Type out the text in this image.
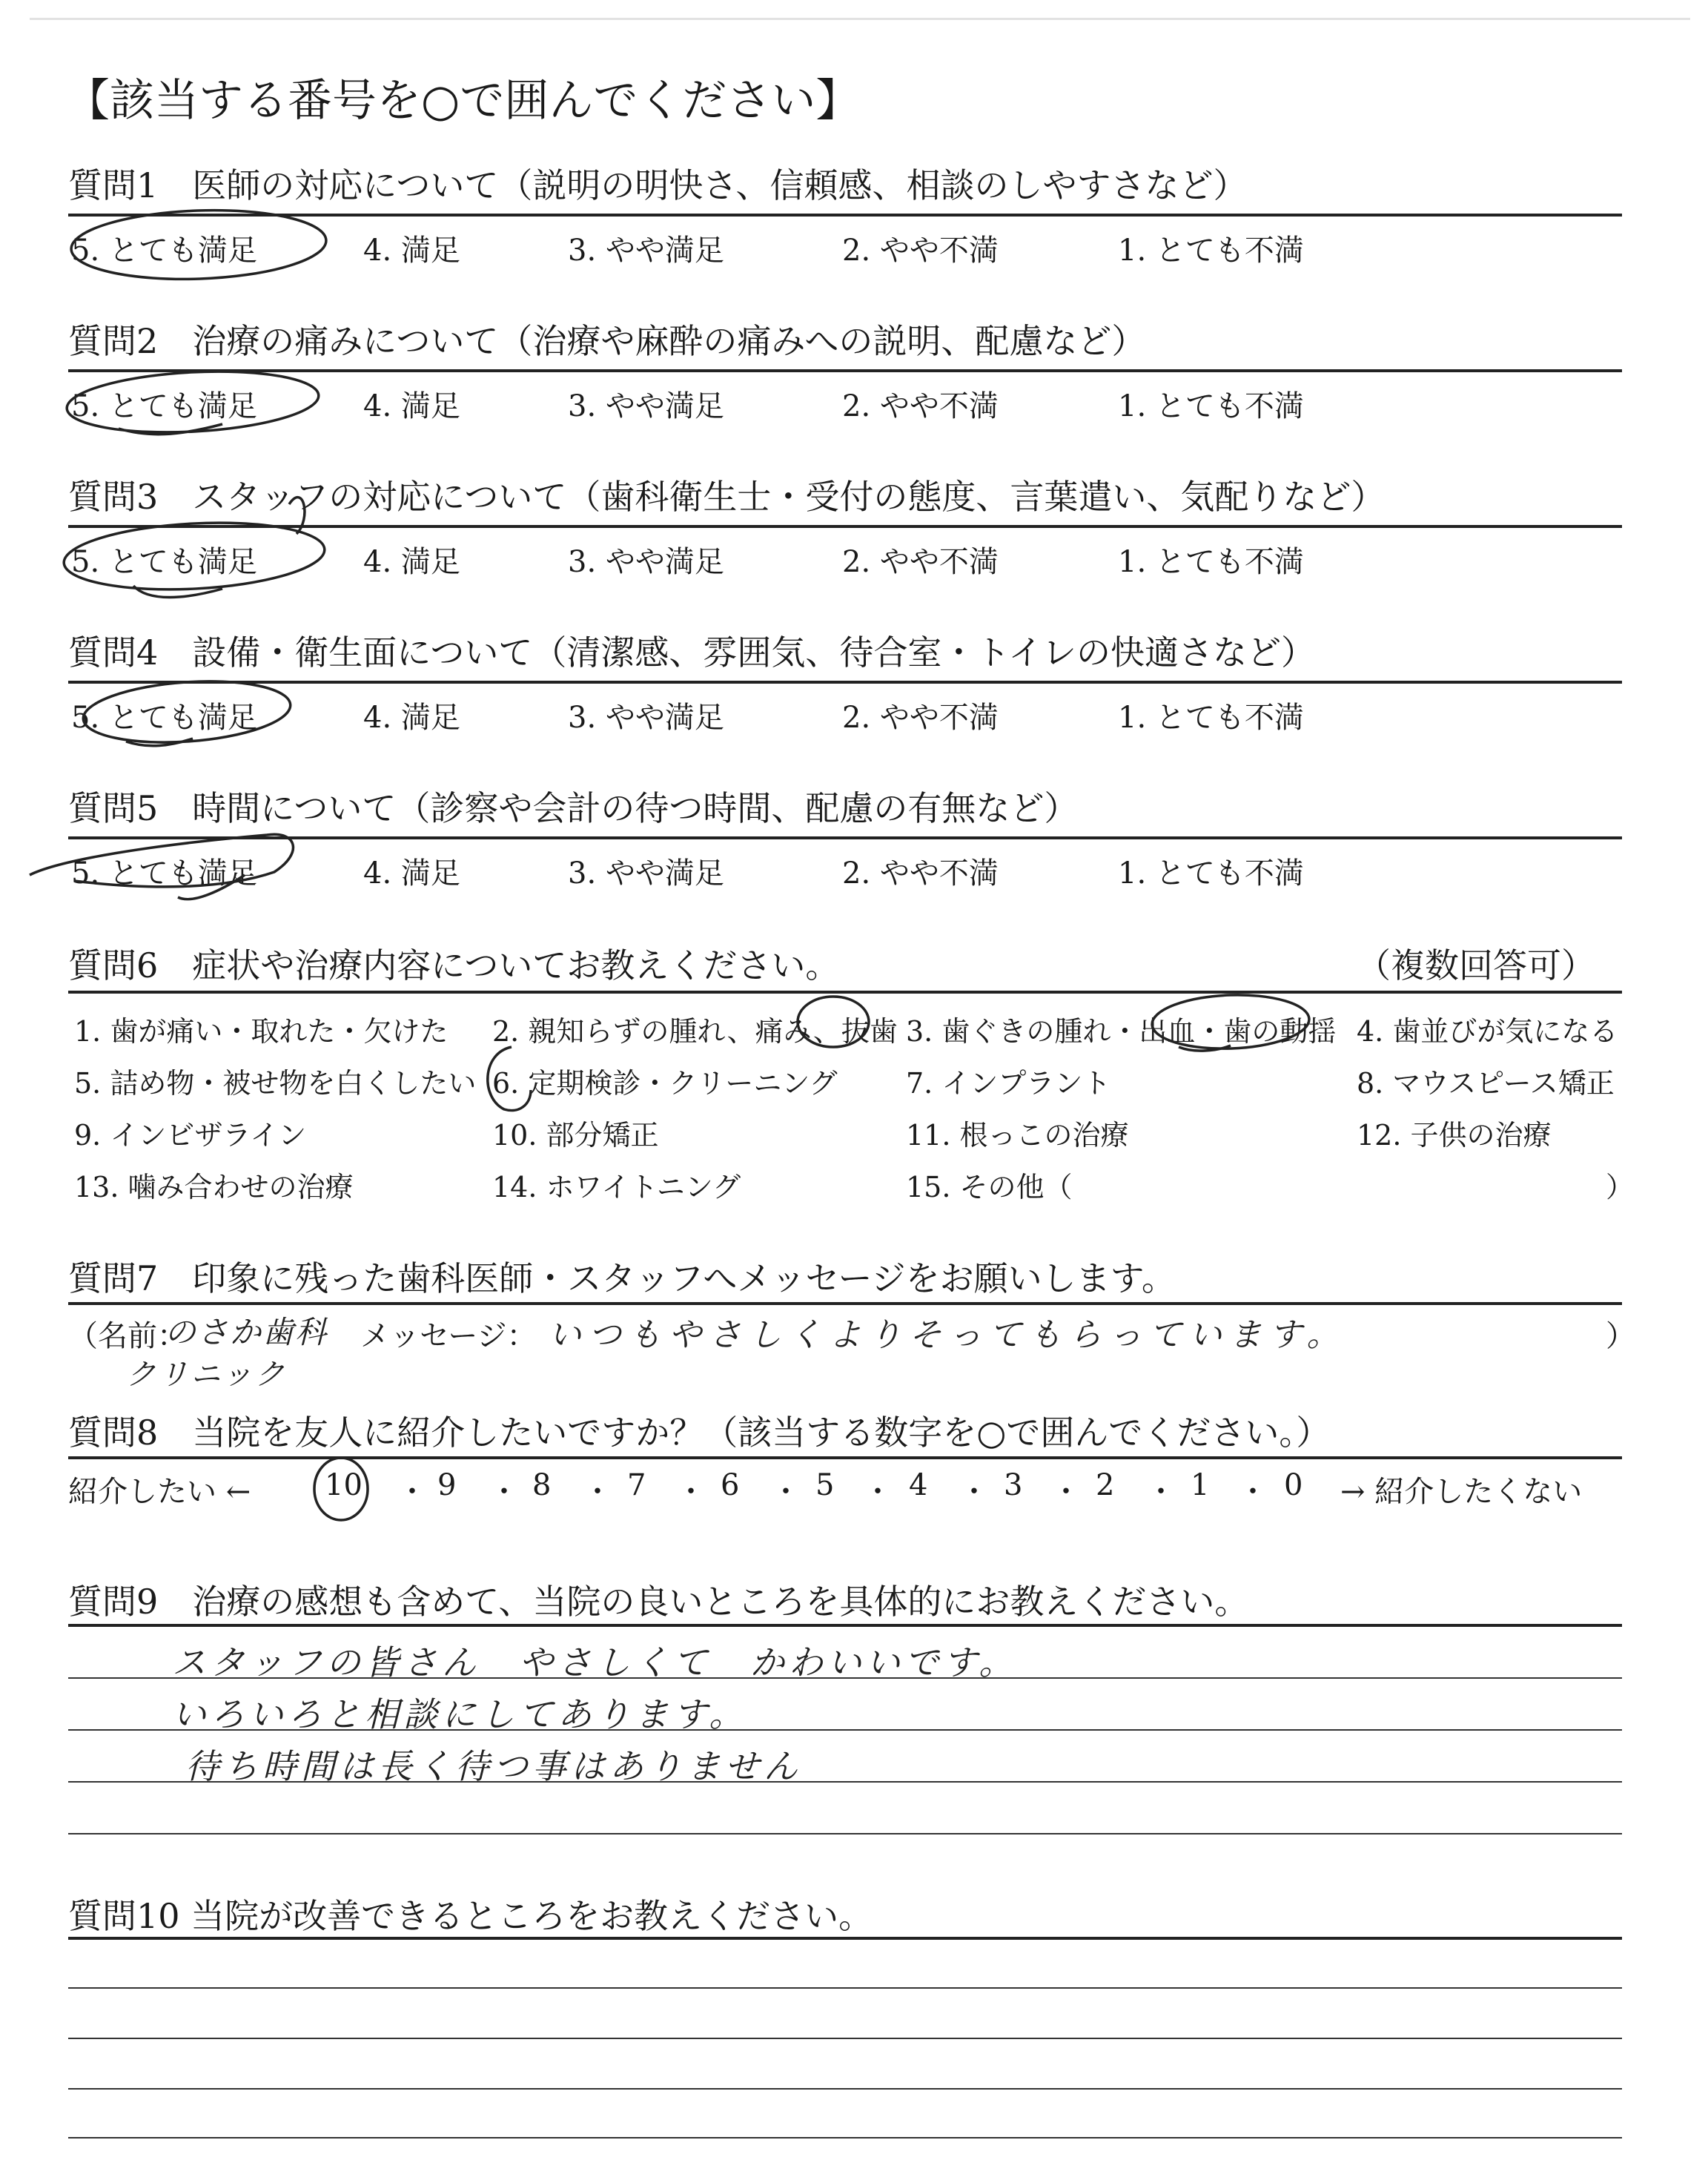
【該当する番号を○で囲んでください】
質問1　医師の対応について（説明の明快さ、信頼感、相談のしやすさなど）
5. とても満足	4. 満足	3. やや満足	2. やや不満	1. とても不満
質問2　治療の痛みについて（治療や麻酔の痛みへの説明、配慮など）
5. とても満足	4. 満足	3. やや満足	2. やや不満	1. とても不満
質問3　スタッフの対応について（歯科衛生士・受付の態度、言葉遣い、気配りなど）
5. とても満足	4. 満足	3. やや満足	2. やや不満	1. とても不満
質問4　設備・衛生面について（清潔感、雰囲気、待合室・トイレの快適さなど）
5. とても満足	4. 満足	3. やや満足	2. やや不満	1. とても不満
質問5　時間について（診察や会計の待つ時間、配慮の有無など）
5. とても満足	4. 満足	3. やや満足	2. やや不満	1. とても不満
質問6　症状や治療内容についてお教えください。	（複数回答可）
1. 歯が痛い・取れた・欠けた 2. 親知らずの腫れ、痛み、抜歯 3. 歯ぐきの腫れ・出血・歯の動揺 4. 歯並びが気になる
5. 詰め物・被せ物を白くしたい 6. 定期検診・クリーニング 7. インプラント	8. マウスピース矯正
9. インビザライン	10. 部分矯正	11. 根っこの治療	12. 子供の治療
13. 噛み合わせの治療	14. ホワイトニング	15. その他（	）
質問7　印象に残った歯科医師・スタッフへメッセージをお願いします。
（名前：
のさか歯科
クリニック
メッセージ： いつもやさしくよりそってもらっています。	）
質問8　当院を友人に紹介したいですか？（該当する数字を○で囲んでください。）
紹介したい ←	→ 紹介したくない
10 ・ 9 ・ 8 ・ 7 ・ 6 ・ 5 ・ 4 ・ 3 ・ 2 ・ 1 ・ 0
質問9　治療の感想も含めて、当院の良いところを具体的にお教えください。
スタッフの皆さん　やさしくて　かわいいです。
いろいろと相談にしてあります。
待ち時間は長く待つ事はありません
質問10 当院が改善できるところをお教えください。
